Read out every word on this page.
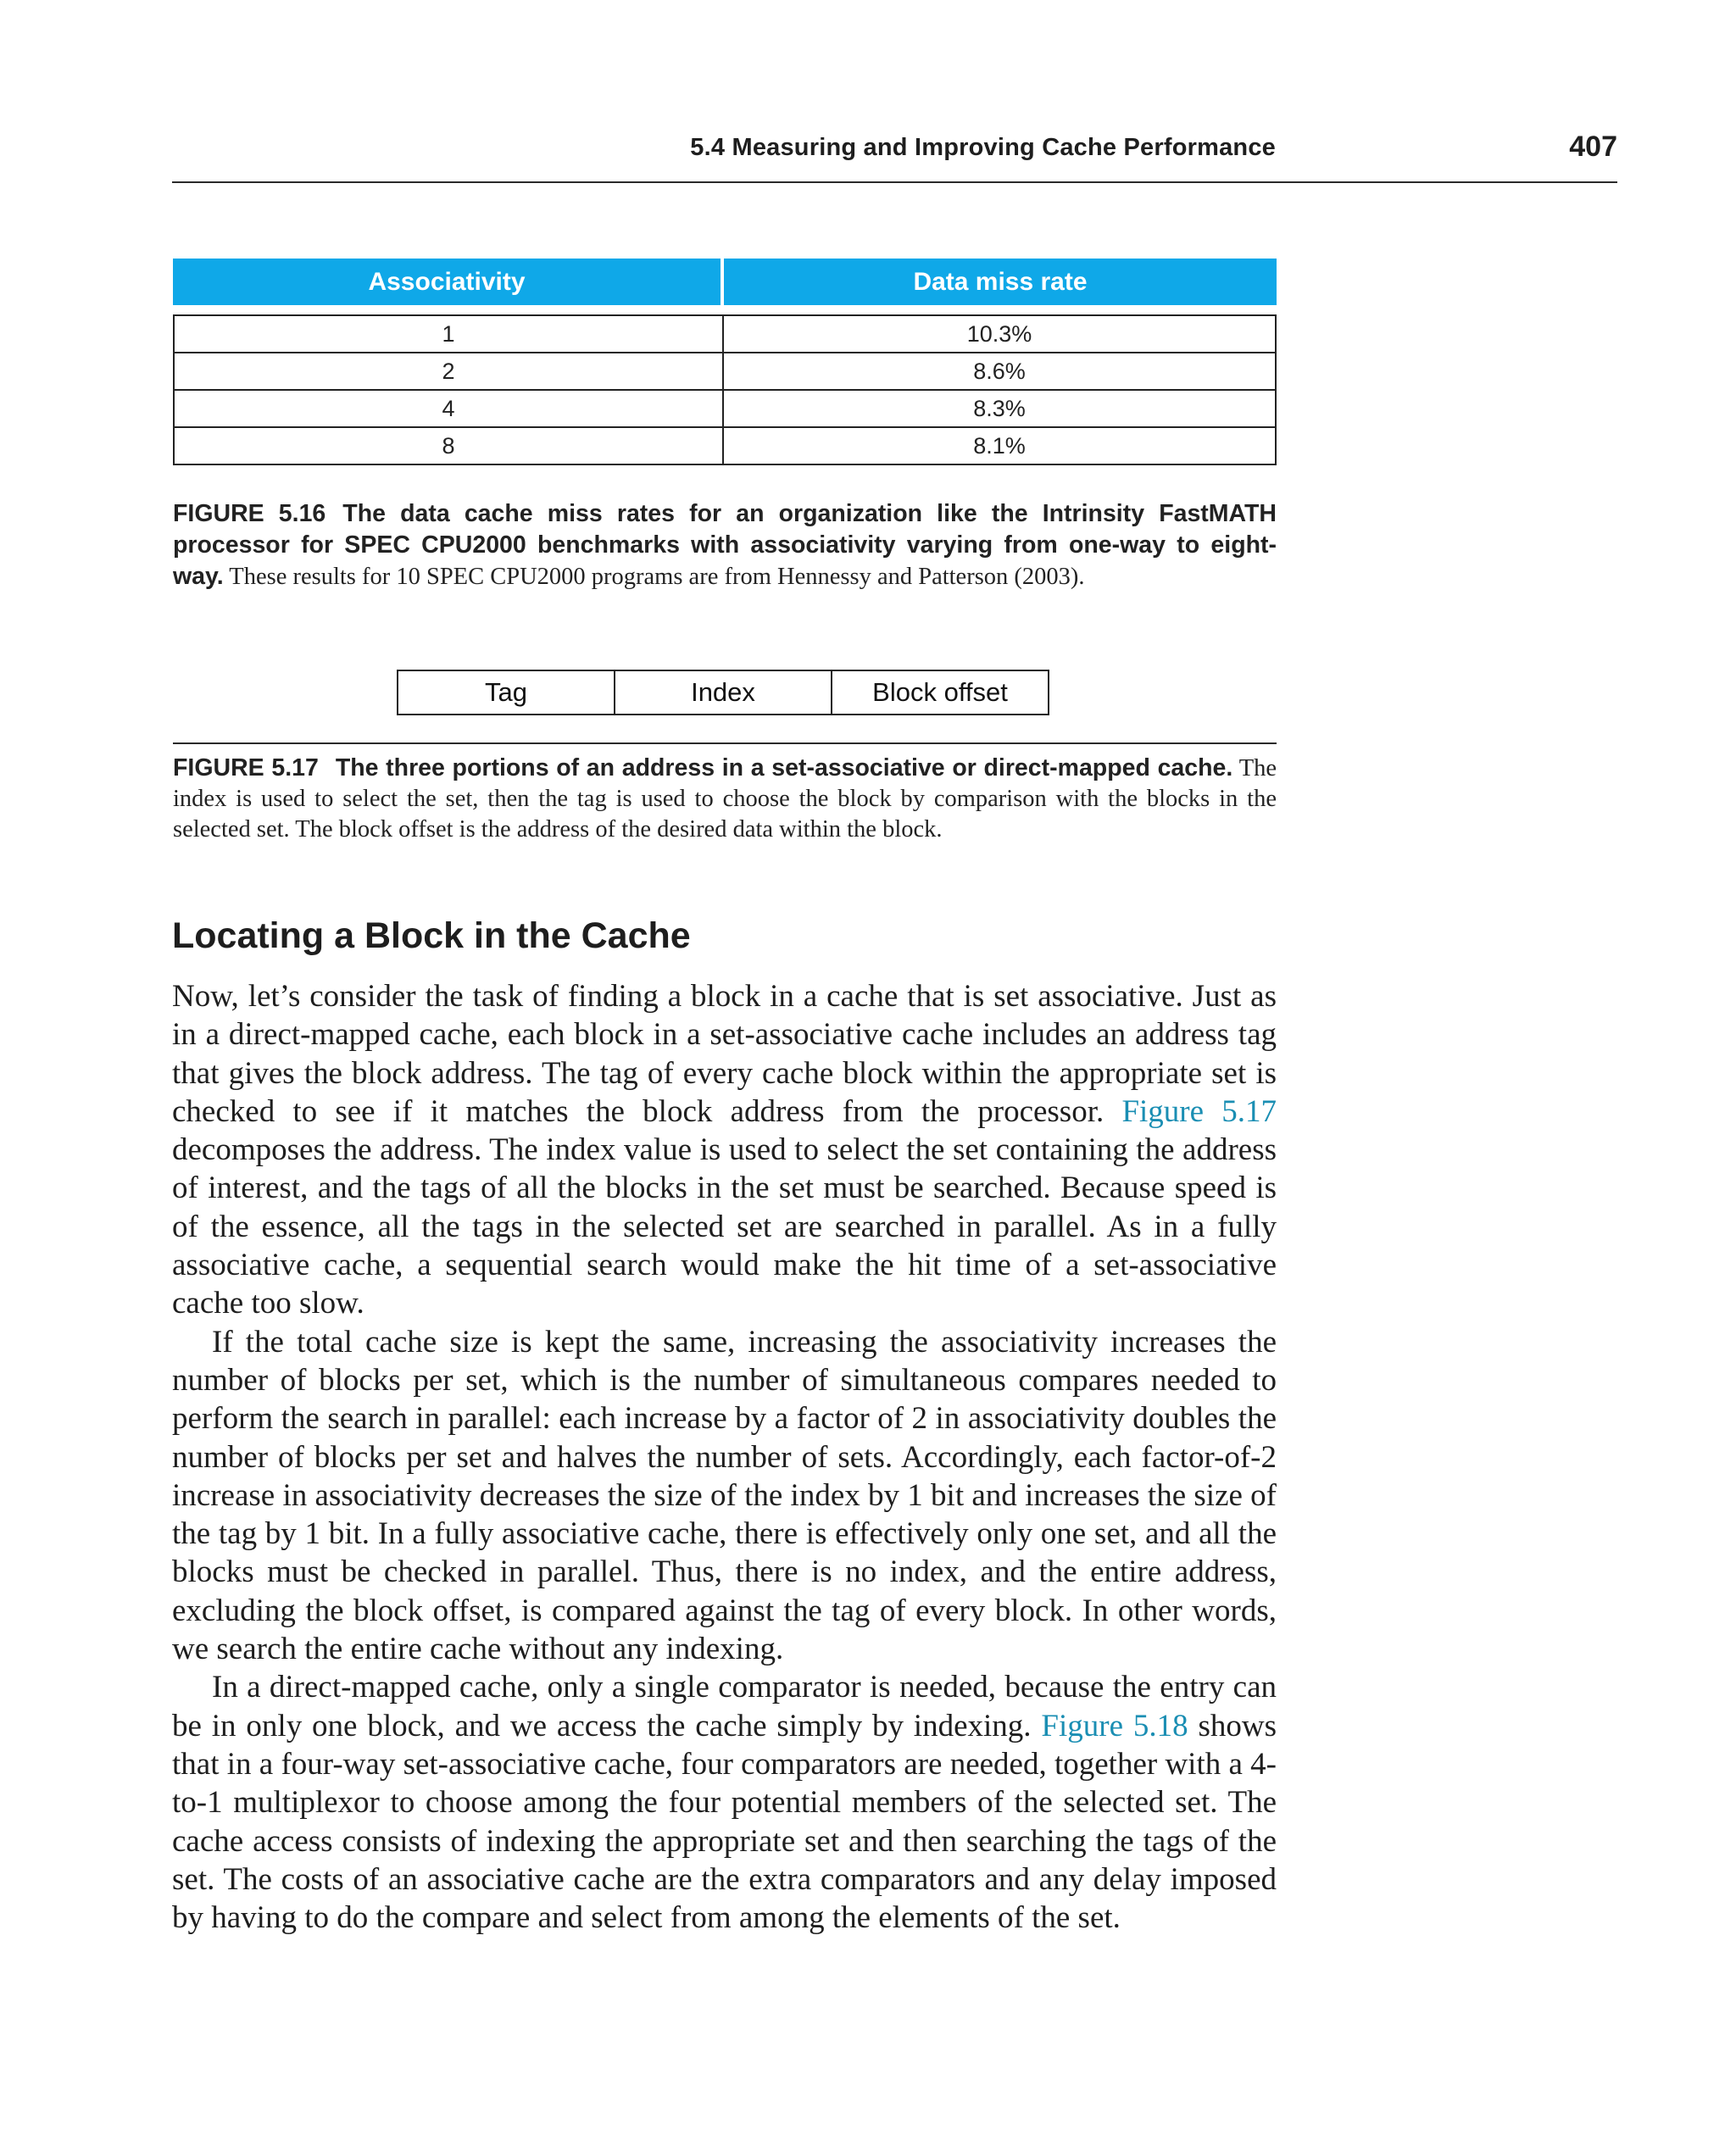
5.4 Measuring and Improving Cache Performance	407
Associativity	Data miss rate
1	10.3%
2	8.6%
4	8.3%
8	8.1%
FIGURE 5.16 The data cache miss rates for an organization like the Intrinsity FastMATH processor for SPEC CPU2000 benchmarks with associativity varying from one-way to eight-way. These results for 10 SPEC CPU2000 programs are from Hennessy and Patterson (2003).
Tag	Index	Block offset
FIGURE 5.17 The three portions of an address in a set-associative or direct-mapped cache. The index is used to select the set, then the tag is used to choose the block by comparison with the blocks in the selected set. The block offset is the address of the desired data within the block.
Locating a Block in the Cache

Now, let’s consider the task of finding a block in a cache that is set associative. Just as in a direct-mapped cache, each block in a set-associative cache includes an address tag that gives the block address. The tag of every cache block within the appropriate set is checked to see if it matches the block address from the processor. Figure 5.17 decomposes the address. The index value is used to select the set containing the address of interest, and the tags of all the blocks in the set must be searched. Because speed is of the essence, all the tags in the selected set are searched in parallel. As in a fully associative cache, a sequential search would make the hit time of a set-associative cache too slow.

If the total cache size is kept the same, increasing the associativity increases the number of blocks per set, which is the number of simultaneous compares needed to perform the search in parallel: each increase by a factor of 2 in associativity doubles the number of blocks per set and halves the number of sets. Accordingly, each factor-of-2 increase in associativity decreases the size of the index by 1 bit and increases the size of the tag by 1 bit. In a fully associative cache, there is effectively only one set, and all the blocks must be checked in parallel. Thus, there is no index, and the entire address, excluding the block offset, is compared against the tag of every block. In other words, we search the entire cache without any indexing.

In a direct-mapped cache, only a single comparator is needed, because the entry can be in only one block, and we access the cache simply by indexing. Figure 5.18 shows that in a four-way set-associative cache, four comparators are needed, together with a 4-to-1 multiplexor to choose among the four potential members of the selected set. The cache access consists of indexing the appropriate set and then searching the tags of the set. The costs of an associative cache are the extra comparators and any delay imposed by having to do the compare and select from among the elements of the set.
